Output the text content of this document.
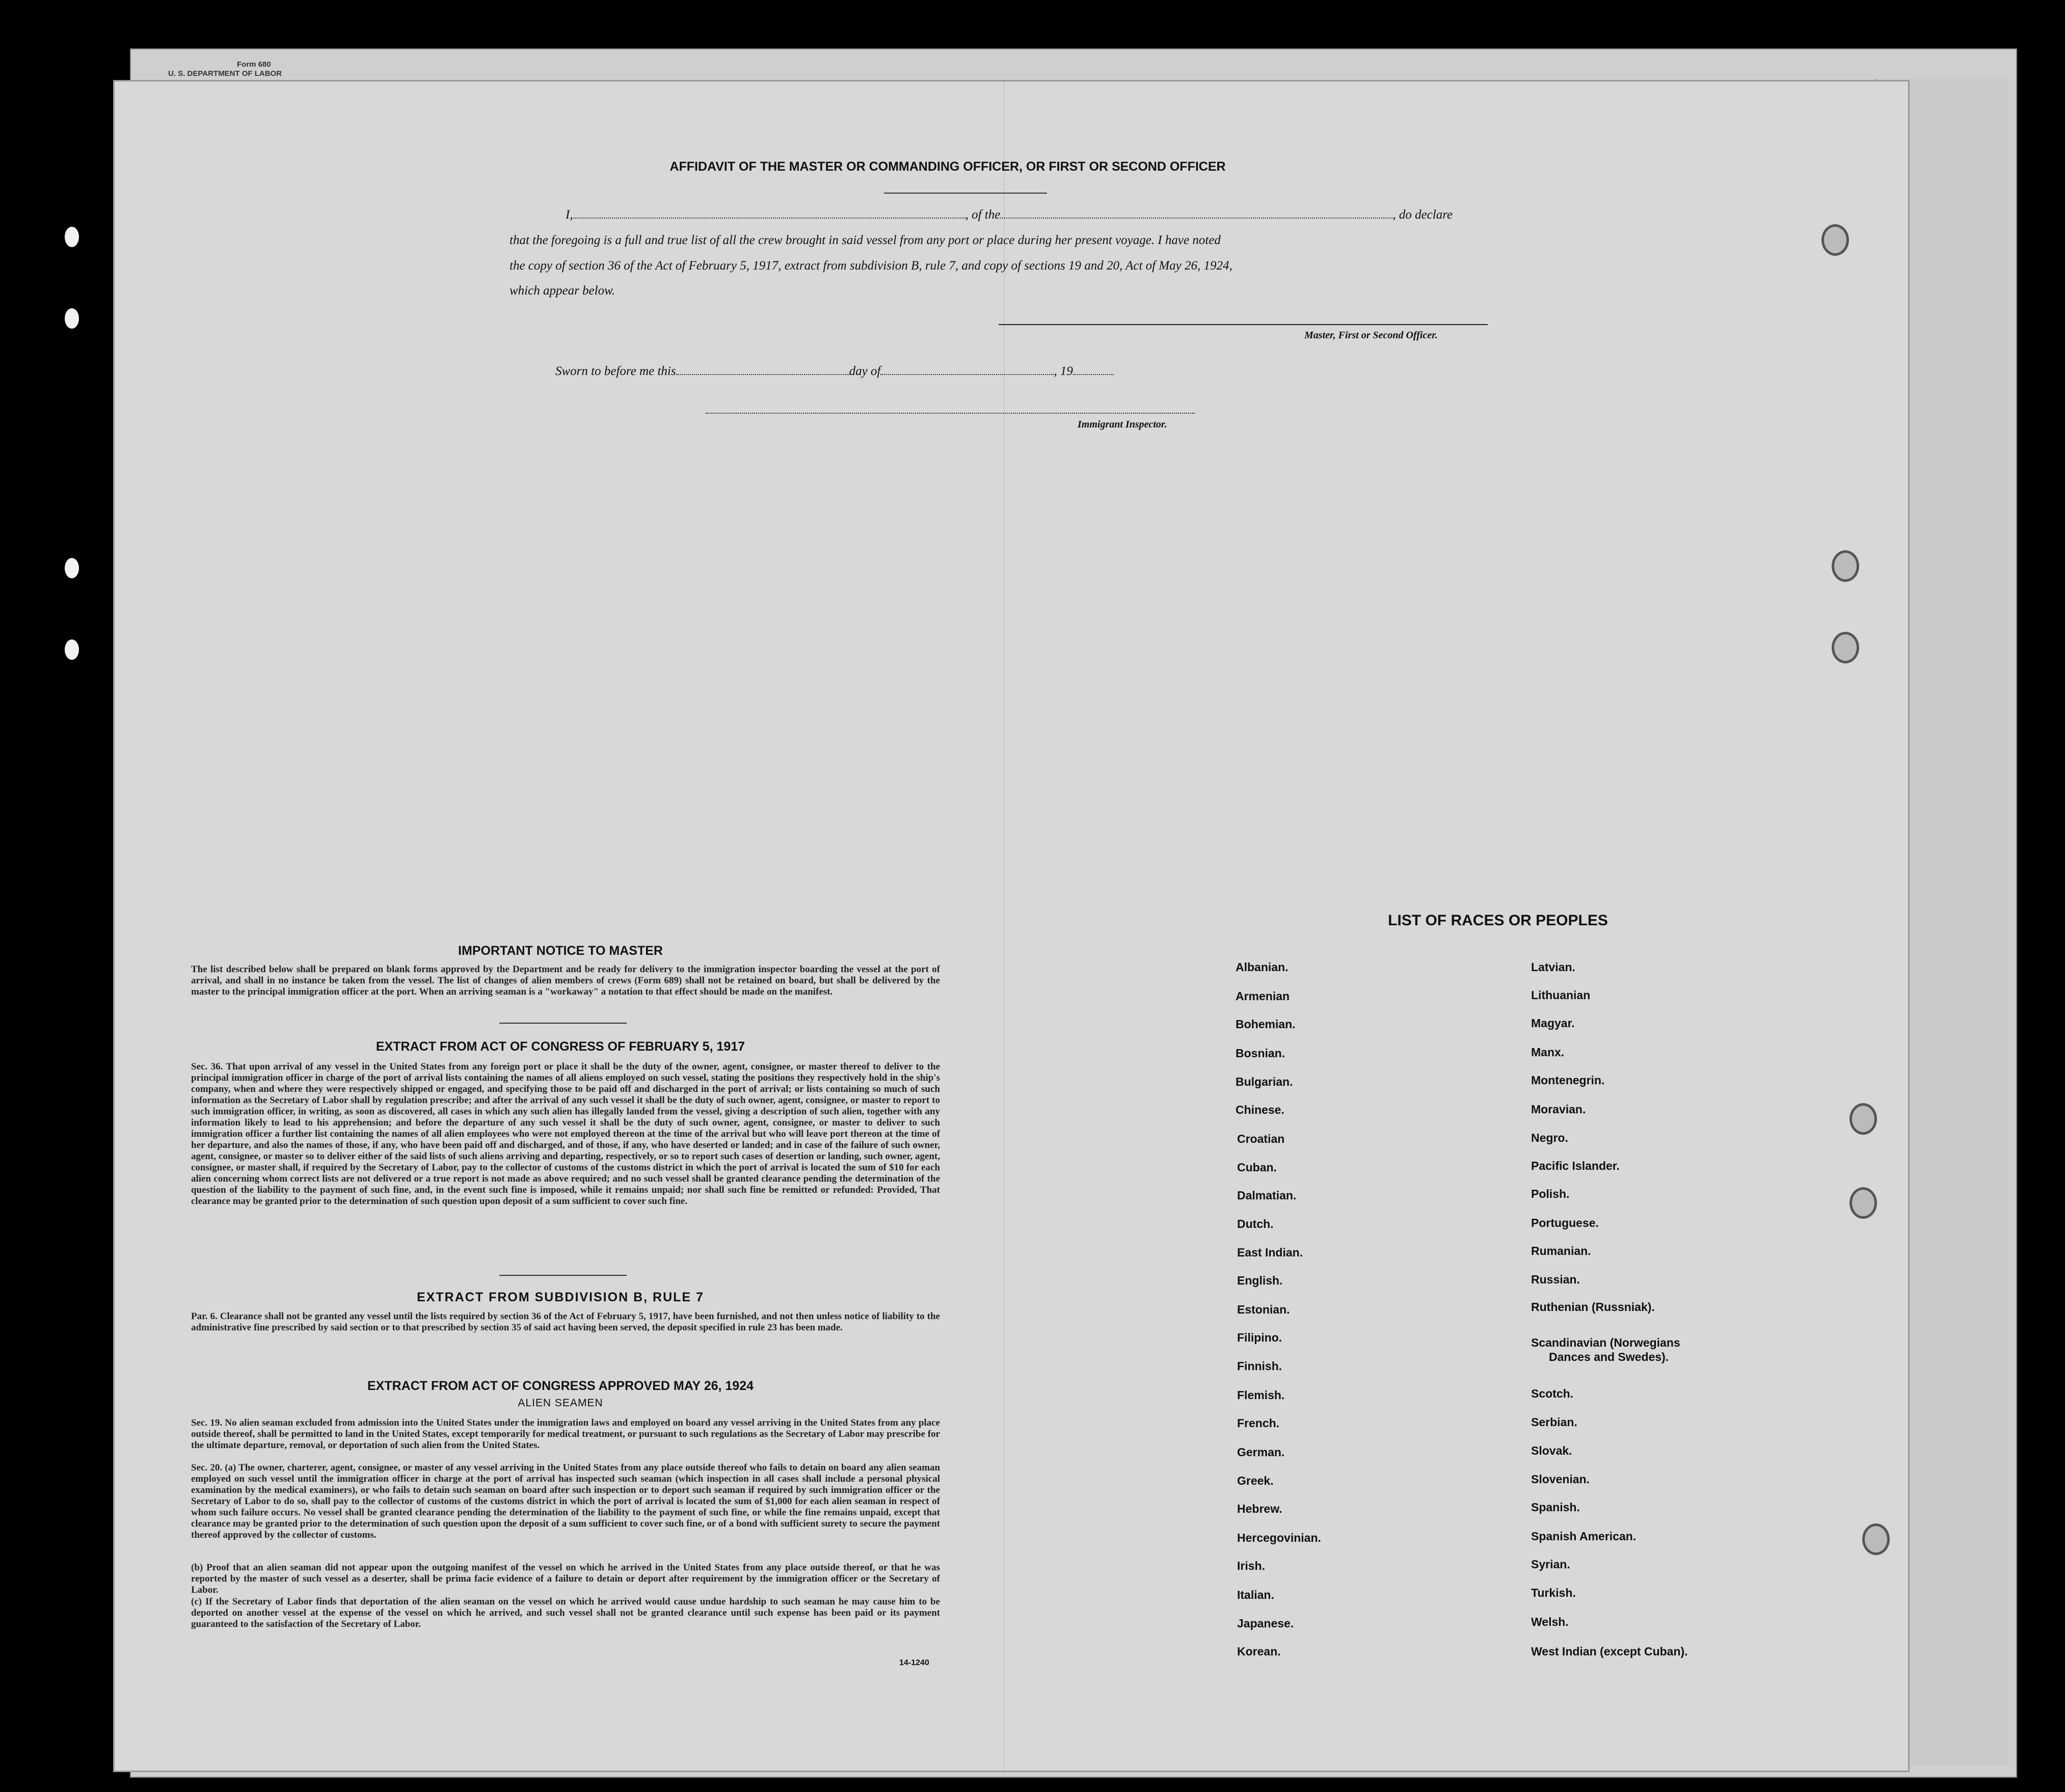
Form 680
U. S. DEPARTMENT OF LABOR
AFFIDAVIT OF THE MASTER OR COMMANDING OFFICER, OR FIRST OR SECOND OFFICER
I,	, of the	, do declare
that the foregoing is a full and true list of all the crew brought in said vessel from any port or place during her present voyage. I have noted
the copy of section 36 of the Act of February 5, 1917, extract from subdivision B, rule 7, and copy of sections 19 and 20, Act of May 26, 1924,
which appear below.
Master, First or Second Officer.
Sworn to before me this	day of	, 19
Immigrant Inspector.
IMPORTANT NOTICE TO MASTER
The list described below shall be prepared on blank forms approved by the Department and be ready for delivery to the immigration inspector boarding the vessel at the port of arrival, and shall in no instance be taken from the vessel. The list of changes of alien members of crews (Form 689) shall not be retained on board, but shall be delivered by the master to the principal immigration officer at the port. When an arriving seaman is a "workaway" a notation to that effect should be made on the manifest.
EXTRACT FROM ACT OF CONGRESS OF FEBRUARY 5, 1917
Sec. 36. That upon arrival of any vessel in the United States from any foreign port or place it shall be the duty of the owner, agent, consignee, or master thereof to deliver to the principal immigration officer in charge of the port of arrival lists containing the names of all aliens employed on such vessel, stating the positions they respectively hold in the ship's company, when and where they were respectively shipped or engaged, and specifying those to be paid off and discharged in the port of arrival; or lists containing so much of such information as the Secretary of Labor shall by regulation prescribe; and after the arrival of any such vessel it shall be the duty of such owner, agent, consignee, or master to report to such immigration officer, in writing, as soon as discovered, all cases in which any such alien has illegally landed from the vessel, giving a description of such alien, together with any information likely to lead to his apprehension; and before the departure of any such vessel it shall be the duty of such owner, agent, consignee, or master to deliver to such immigration officer a further list containing the names of all alien employees who were not employed thereon at the time of the arrival but who will leave port thereon at the time of her departure, and also the names of those, if any, who have been paid off and discharged, and of those, if any, who have deserted or landed; and in case of the failure of such owner, agent, consignee, or master so to deliver either of the said lists of such aliens arriving and departing, respectively, or so to report such cases of desertion or landing, such owner, agent, consignee, or master shall, if required by the Secretary of Labor, pay to the collector of customs of the customs district in which the port of arrival is located the sum of $10 for each alien concerning whom correct lists are not delivered or a true report is not made as above required; and no such vessel shall be granted clearance pending the determination of the question of the liability to the payment of such fine, and, in the event such fine is imposed, while it remains unpaid; nor shall such fine be remitted or refunded: Provided, That clearance may be granted prior to the determination of such question upon deposit of a sum sufficient to cover such fine.
EXTRACT FROM SUBDIVISION B, RULE 7
Par. 6. Clearance shall not be granted any vessel until the lists required by section 36 of the Act of February 5, 1917, have been furnished, and not then unless notice of liability to the administrative fine prescribed by said section or to that prescribed by section 35 of said act having been served, the deposit specified in rule 23 has been made.
EXTRACT FROM ACT OF CONGRESS APPROVED MAY 26, 1924
ALIEN SEAMEN
Sec. 19. No alien seaman excluded from admission into the United States under the immigration laws and employed on board any vessel arriving in the United States from any place outside thereof, shall be permitted to land in the United States, except temporarily for medical treatment, or pursuant to such regulations as the Secretary of Labor may prescribe for the ultimate departure, removal, or deportation of such alien from the United States.
Sec. 20. (a) The owner, charterer, agent, consignee, or master of any vessel arriving in the United States from any place outside thereof who fails to detain on board any alien seaman employed on such vessel until the immigration officer in charge at the port of arrival has inspected such seaman (which inspection in all cases shall include a personal physical examination by the medical examiners), or who fails to detain such seaman on board after such inspection or to deport such seaman if required by such immigration officer or the Secretary of Labor to do so, shall pay to the collector of customs of the customs district in which the port of arrival is located the sum of $1,000 for each alien seaman in respect of whom such failure occurs. No vessel shall be granted clearance pending the determination of the liability to the payment of such fine, or while the fine remains unpaid, except that clearance may be granted prior to the determination of such question upon the deposit of a sum sufficient to cover such fine, or of a bond with sufficient surety to secure the payment thereof approved by the collector of customs.
(b) Proof that an alien seaman did not appear upon the outgoing manifest of the vessel on which he arrived in the United States from any place outside thereof, or that he was reported by the master of such vessel as a deserter, shall be prima facie evidence of a failure to detain or deport after requirement by the immigration officer or the Secretary of Labor.
(c) If the Secretary of Labor finds that deportation of the alien seaman on the vessel on which he arrived would cause undue hardship to such seaman he may cause him to be deported on another vessel at the expense of the vessel on which he arrived, and such vessel shall not be granted clearance until such expense has been paid or its payment guaranteed to the satisfaction of the Secretary of Labor.
14-1240
LIST OF RACES OR PEOPLES
Albanian.
Armenian
Bohemian.
Bosnian.
Bulgarian.
Chinese.
Croatian
Cuban.
Dalmatian.
Dutch.
East Indian.
English.
Estonian.
Filipino.
Finnish.
Flemish.
French.
German.
Greek.
Hebrew.
Hercegovinian.
Irish.
Italian.
Japanese.
Korean.
Latvian.
Lithuanian
Magyar.
Manx.
Montenegrin.
Moravian.
Negro.
Pacific Islander.
Polish.
Portuguese.
Rumanian.
Russian.
Ruthenian (Russniak).
Scandinavian (Norwegians
Dances and Swedes).
Scotch.
Serbian.
Slovak.
Slovenian.
Spanish.
Spanish American.
Syrian.
Turkish.
Welsh.
West Indian (except Cuban).
